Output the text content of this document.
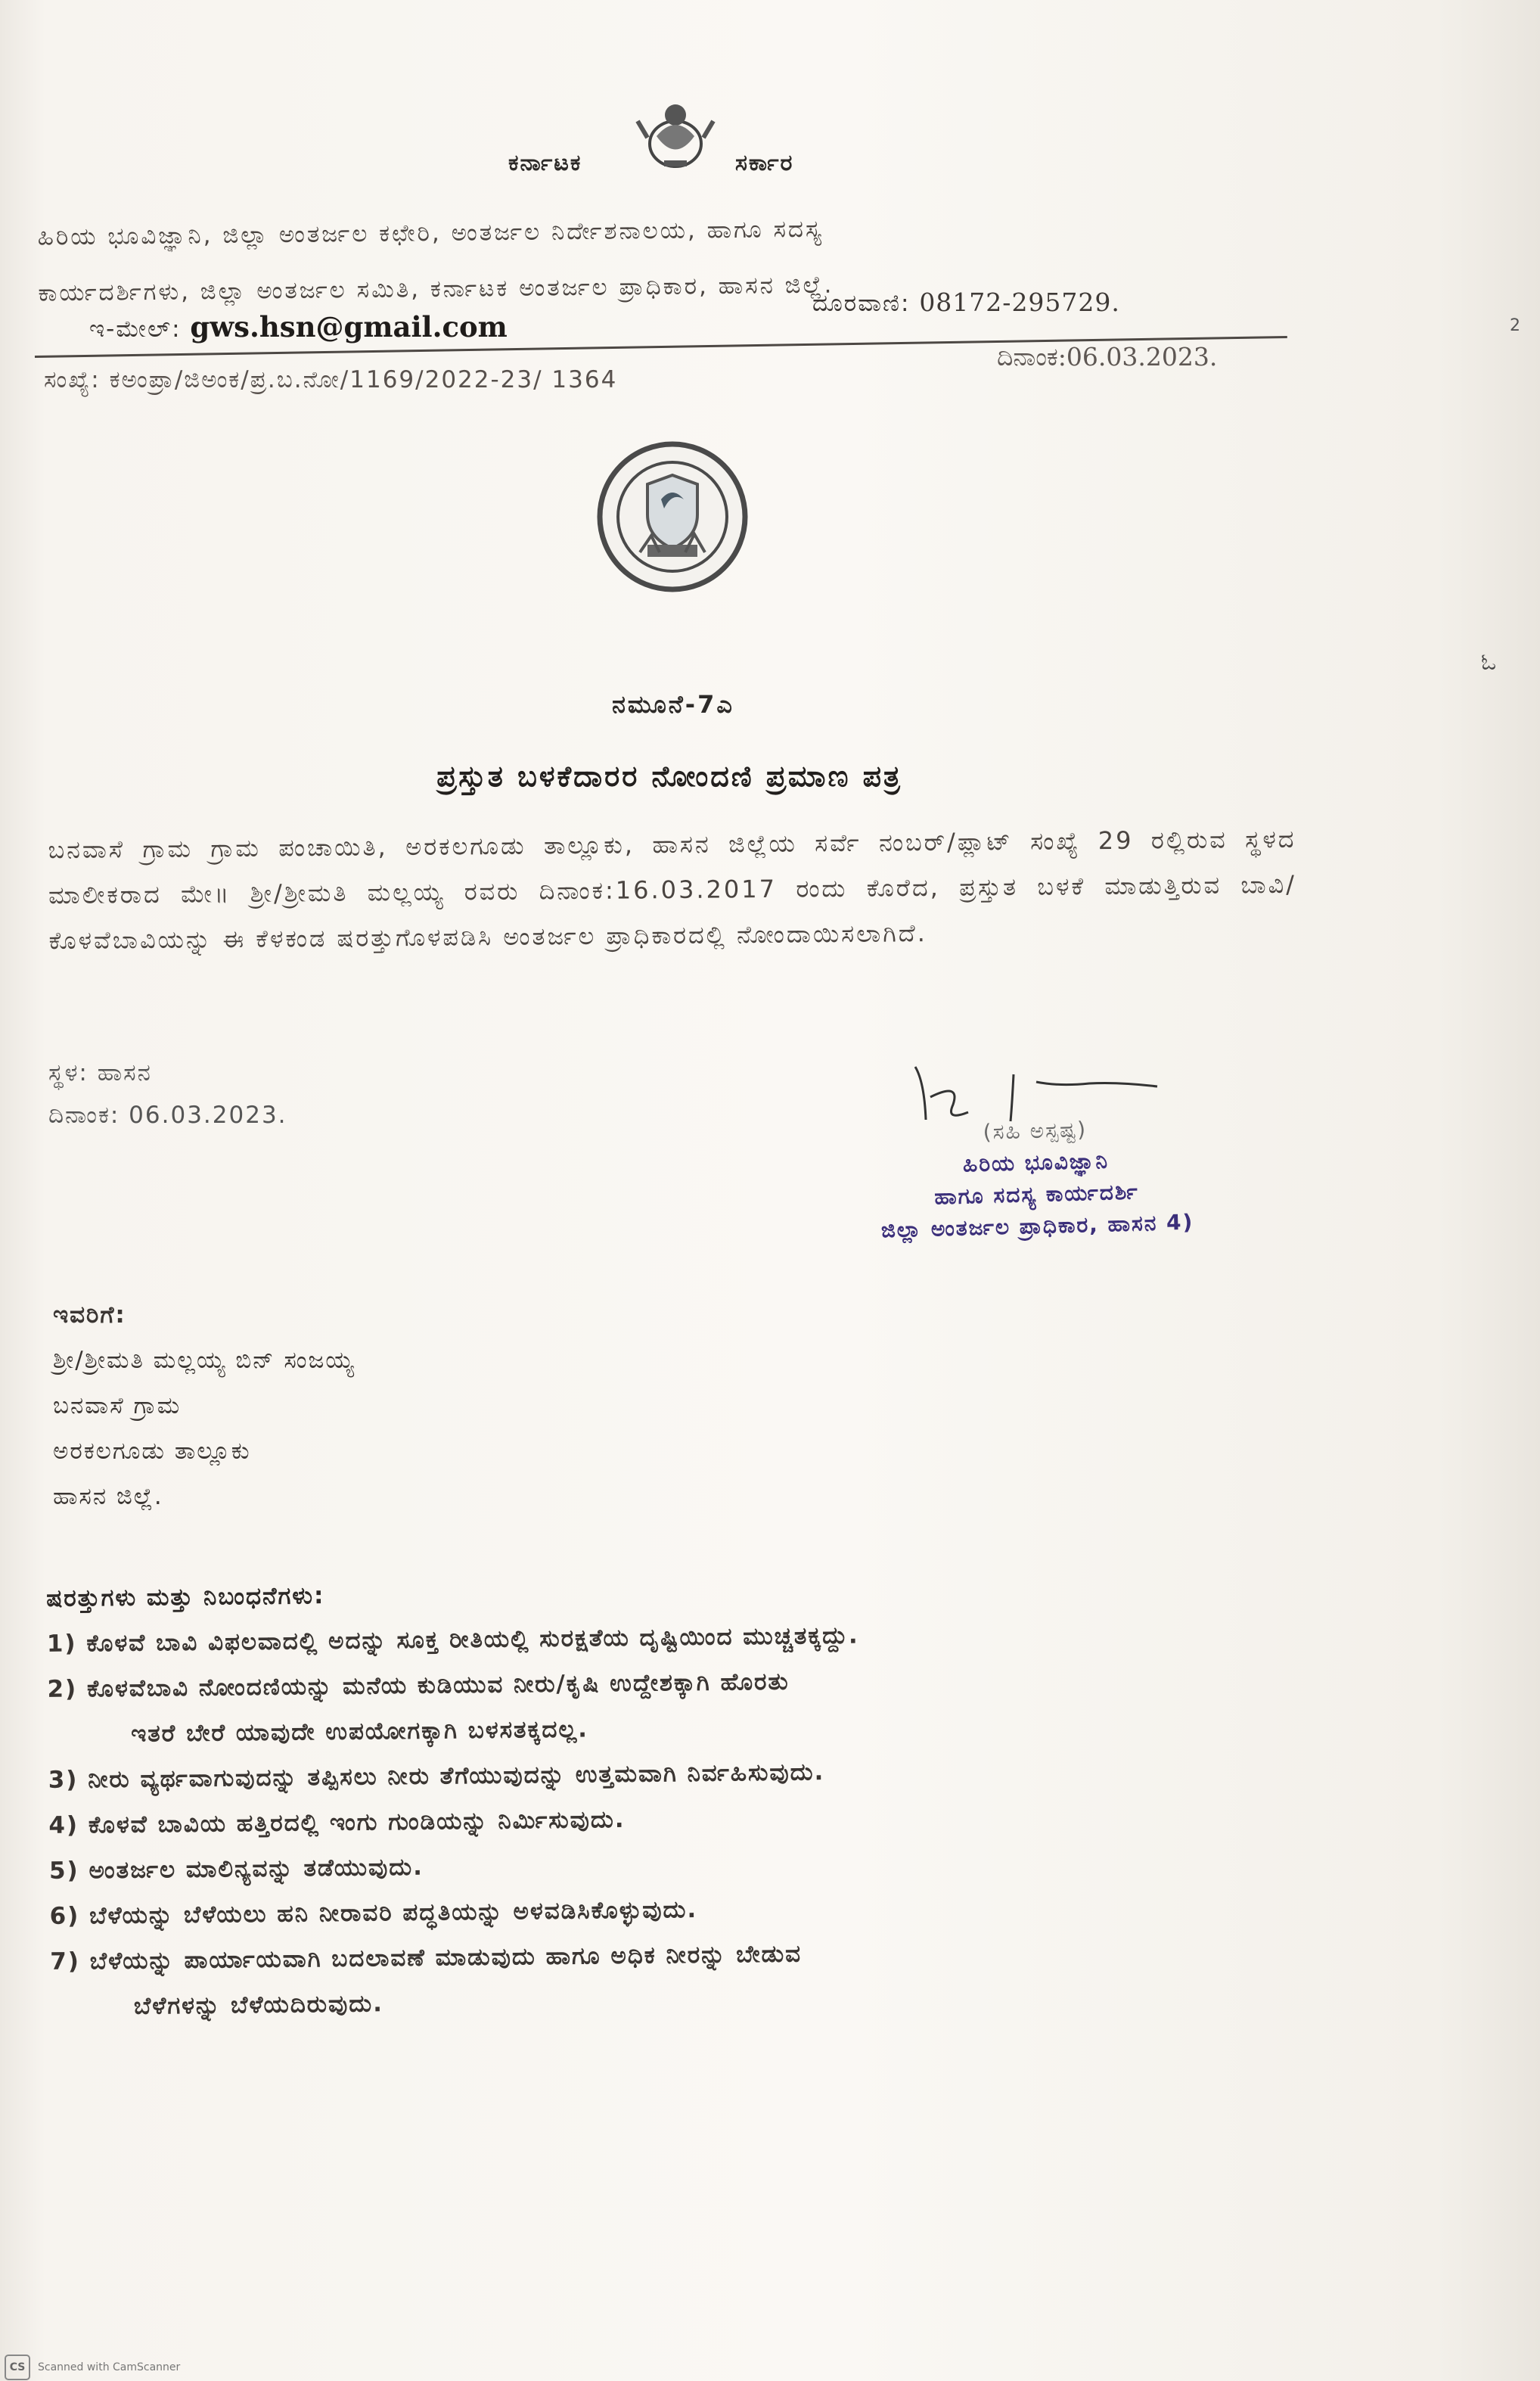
ಕರ್ನಾಟಕ	ಸರ್ಕಾರ
ಹಿರಿಯ ಭೂವಿಜ್ಞಾನಿ, ಜಿಲ್ಲಾ ಅಂತರ್ಜಲ ಕಛೇರಿ, ಅಂತರ್ಜಲ ನಿರ್ದೇಶನಾಲಯ, ಹಾಗೂ ಸದಸ್ಯ
ಕಾರ್ಯದರ್ಶಿಗಳು, ಜಿಲ್ಲಾ ಅಂತರ್ಜಲ ಸಮಿತಿ, ಕರ್ನಾಟಕ ಅಂತರ್ಜಲ ಪ್ರಾಧಿಕಾರ, ಹಾಸನ ಜಿಲ್ಲೆ.
ಇ-ಮೇಲ್: gws.hsn@gmail.com
ದೂರವಾಣಿ: 08172-295729.
ಸಂಖ್ಯೆ: ಕಅಂಪ್ರಾ/ಜಿಅಂಕ/ಪ್ರ.ಬ.ನೋ/1169/2022-23/ 1364
ದಿನಾಂಕ:06.03.2023.
ನಮೂನೆ-7ಎ
ಪ್ರಸ್ತುತ ಬಳಕೆದಾರರ ನೋಂದಣಿ ಪ್ರಮಾಣ ಪತ್ರ
ಬನವಾಸೆ ಗ್ರಾಮ ಗ್ರಾಮ ಪಂಚಾಯಿತಿ, ಅರಕಲಗೂಡು ತಾಲ್ಲೂಕು, ಹಾಸನ ಜಿಲ್ಲೆಯ ಸರ್ವೆ ನಂಬರ್/ಪ್ಲಾಟ್ ಸಂಖ್ಯೆ 29 ರಲ್ಲಿರುವ ಸ್ಥಳದ ಮಾಲೀಕರಾದ ಮೇ॥ ಶ್ರೀ/ಶ್ರೀಮತಿ ಮಲ್ಲಯ್ಯ ರವರು ದಿನಾಂಕ:16.03.2017 ರಂದು ಕೊರೆದ, ಪ್ರಸ್ತುತ ಬಳಕೆ ಮಾಡುತ್ತಿರುವ ಬಾವಿ/ಕೊಳವೆಬಾವಿಯನ್ನು ಈ ಕೆಳಕಂಡ ಷರತ್ತುಗೊಳಪಡಿಸಿ ಅಂತರ್ಜಲ ಪ್ರಾಧಿಕಾರದಲ್ಲಿ ನೋಂದಾಯಿಸಲಾಗಿದೆ.
ಸ್ಥಳ: ಹಾಸನ
ದಿನಾಂಕ: 06.03.2023.
(ಸಹಿ ಅಸ್ಪಷ್ಟ)
ಹಿರಿಯ ಭೂವಿಜ್ಞಾನಿ
ಹಾಗೂ ಸದಸ್ಯ ಕಾರ್ಯದರ್ಶಿ
ಜಿಲ್ಲಾ ಅಂತರ್ಜಲ ಪ್ರಾಧಿಕಾರ, ಹಾಸನ 4)
ಇವರಿಗೆ:
ಶ್ರೀ/ಶ್ರೀಮತಿ ಮಲ್ಲಯ್ಯ ಬಿನ್ ಸಂಜಯ್ಯ
ಬನವಾಸೆ ಗ್ರಾಮ
ಅರಕಲಗೂಡು ತಾಲ್ಲೂಕು
ಹಾಸನ ಜಿಲ್ಲೆ.
ಷರತ್ತುಗಳು ಮತ್ತು ನಿಬಂಧನೆಗಳು:
1) ಕೊಳವೆ ಬಾವಿ ವಿಫಲವಾದಲ್ಲಿ ಅದನ್ನು ಸೂಕ್ತ ರೀತಿಯಲ್ಲಿ ಸುರಕ್ಷತೆಯ ದೃಷ್ಟಿಯಿಂದ ಮುಚ್ಚತಕ್ಕದ್ದು.
2) ಕೊಳವೆಬಾವಿ ನೋಂದಣಿಯನ್ನು ಮನೆಯ ಕುಡಿಯುವ ನೀರು/ಕೃಷಿ ಉದ್ದೇಶಕ್ಕಾಗಿ ಹೊರತು
ಇತರೆ ಬೇರೆ ಯಾವುದೇ ಉಪಯೋಗಕ್ಕಾಗಿ ಬಳಸತಕ್ಕದಲ್ಲ.
3) ನೀರು ವ್ಯರ್ಥವಾಗುವುದನ್ನು ತಪ್ಪಿಸಲು ನೀರು ತೆಗೆಯುವುದನ್ನು ಉತ್ತಮವಾಗಿ ನಿರ್ವಹಿಸುವುದು.
4) ಕೊಳವೆ ಬಾವಿಯ ಹತ್ತಿರದಲ್ಲಿ ಇಂಗು ಗುಂಡಿಯನ್ನು ನಿರ್ಮಿಸುವುದು.
5) ಅಂತರ್ಜಲ ಮಾಲಿನ್ಯವನ್ನು ತಡೆಯುವುದು.
6) ಬೆಳೆಯನ್ನು ಬೆಳೆಯಲು ಹನಿ ನೀರಾವರಿ ಪದ್ಧತಿಯನ್ನು ಅಳವಡಿಸಿಕೊಳ್ಳುವುದು.
7) ಬೆಳೆಯನ್ನು ಪಾರ್ಯಾಯವಾಗಿ ಬದಲಾವಣೆ ಮಾಡುವುದು ಹಾಗೂ ಅಧಿಕ ನೀರನ್ನು ಬೇಡುವ
ಬೆಳೆಗಳನ್ನು ಬೆಳೆಯದಿರುವುದು.
2
ಓ
CS	Scanned with CamScanner
